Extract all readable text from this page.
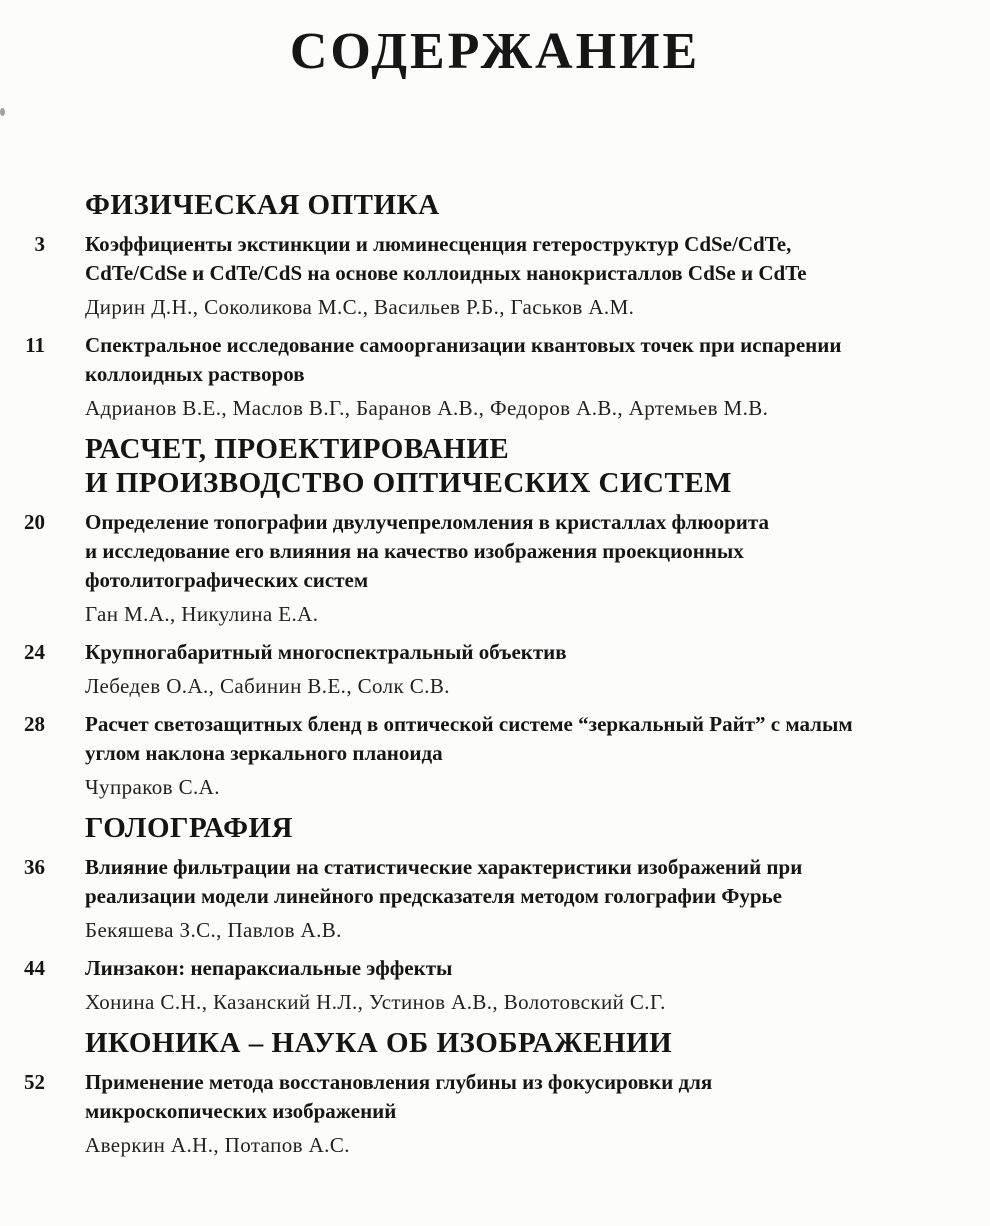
СОДЕРЖАНИЕ
ФИЗИЧЕСКАЯ ОПТИКА
3 Коэффициенты экстинкции и люминесценция гетероструктур CdSe/CdTe,
CdTe/CdSe и CdTe/CdS на основе коллоидных нанокристаллов CdSe и CdTe
Дирин Д.Н., Соколикова М.С., Васильев Р.Б., Гаськов А.М.
11 Спектральное исследование самоорганизации квантовых точек при испарении
коллоидных растворов
Адрианов В.Е., Маслов В.Г., Баранов А.В., Федоров А.В., Артемьев М.В.
РАСЧЕТ, ПРОЕКТИРОВАНИЕ
И ПРОИЗВОДСТВО ОПТИЧЕСКИХ СИСТЕМ
20 Определение топографии двулучепреломления в кристаллах флюорита
и исследование его влияния на качество изображения проекционных
фотолитографических систем
Ган М.А., Никулина Е.А.
24 Крупногабаритный многоспектральный объектив
Лебедев О.А., Сабинин В.Е., Солк С.В.
28 Расчет светозащитных бленд в оптической системе “зеркальный Райт” с малым
углом наклона зеркального планоида
Чупраков С.А.
ГОЛОГРАФИЯ
36 Влияние фильтрации на статистические характеристики изображений при
реализации модели линейного предсказателя методом голографии Фурье
Бекяшева З.С., Павлов А.В.
44 Линзакон: непараксиальные эффекты
Хонина С.Н., Казанский Н.Л., Устинов А.В., Волотовский С.Г.
ИКОНИКА – НАУКА ОБ ИЗОБРАЖЕНИИ
52 Применение метода восстановления глубины из фокусировки для
микроскопических изображений
Аверкин А.Н., Потапов А.С.
